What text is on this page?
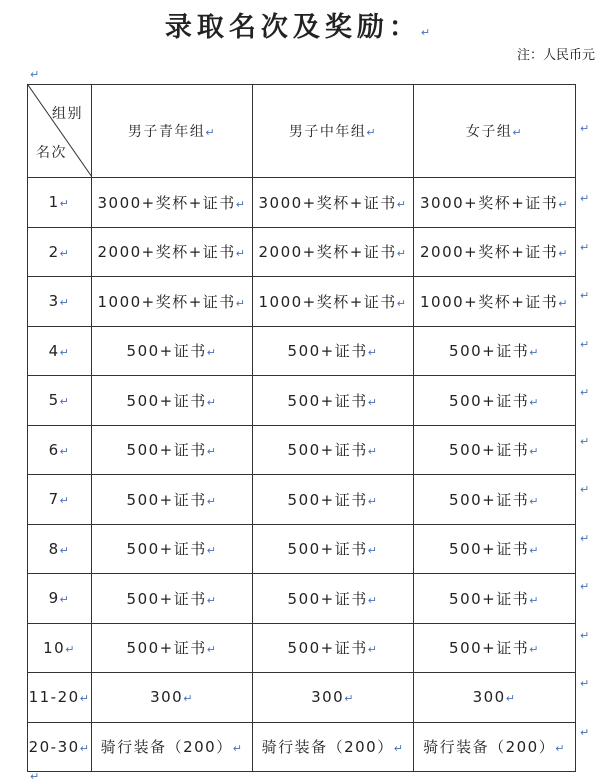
录取名次及奖励：↵
注：人民币元
↵
组别
名次	男子青年组↵	男子中年组↵	女子组↵
1↵	3000+奖杯+证书↵	3000+奖杯+证书↵	3000+奖杯+证书↵
2↵	2000+奖杯+证书↵	2000+奖杯+证书↵	2000+奖杯+证书↵
3↵	1000+奖杯+证书↵	1000+奖杯+证书↵	1000+奖杯+证书↵
4↵	500+证书↵	500+证书↵	500+证书↵
5↵	500+证书↵	500+证书↵	500+证书↵
6↵	500+证书↵	500+证书↵	500+证书↵
7↵	500+证书↵	500+证书↵	500+证书↵
8↵	500+证书↵	500+证书↵	500+证书↵
9↵	500+证书↵	500+证书↵	500+证书↵
10↵	500+证书↵	500+证书↵	500+证书↵
11-20↵	300↵	300↵	300↵
20-30↵	骑行装备（200）↵	骑行装备（200）↵	骑行装备（200）↵
↵
↵
↵
↵
↵
↵
↵
↵
↵
↵
↵
↵
↵
↵
